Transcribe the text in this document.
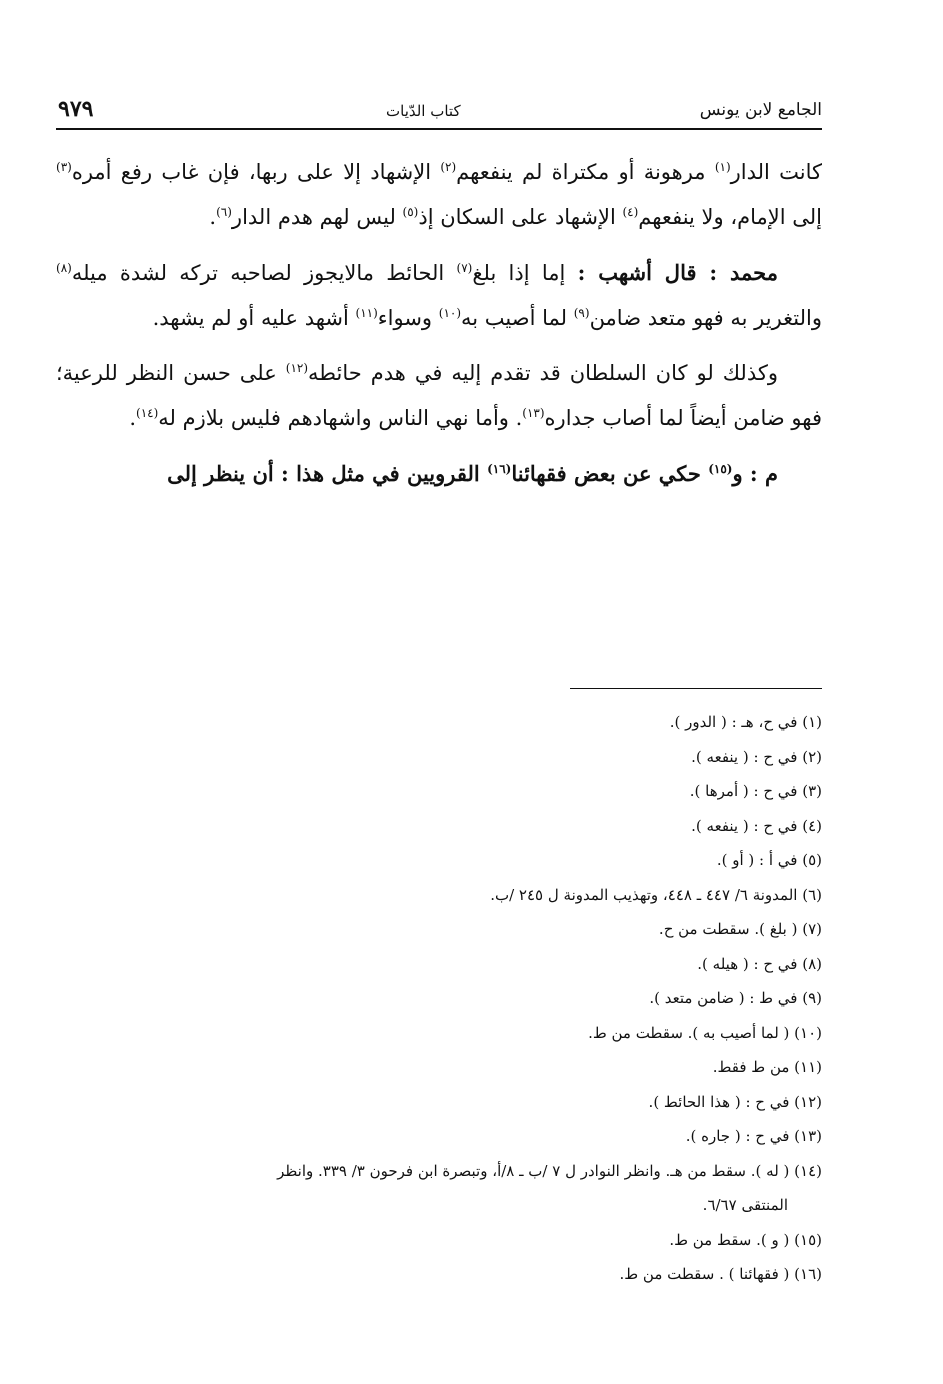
الجامع لابن يونس
كتاب الدّيات
٩٧٩

كانت الدار$^{(١)}$ مرهونة أو مكتراة لم ينفعهم$^{(٢)}$ الإشهاد إلا على ربها، فإن غاب رفع أمره$^{(٣)}$ إلى الإمام، ولا ينفعهم$^{(٤)}$ الإشهاد على السكان إذ$^{(٥)}$ ليس لهم هدم الدار$^{(٦)}$.

محمد : قال أشهب : إما إذا بلغ$^{(٧)}$ الحائط مالايجوز لصاحبه تركه لشدة ميله$^{(٨)}$ والتغرير به فهو متعد ضامن$^{(٩)}$ لما أصيب به$^{(١٠)}$ وسواء$^{(١١)}$ أشهد عليه أو لم يشهد.

وكذلك لو كان السلطان قد تقدم إليه في هدم حائطه$^{(١٢)}$ على حسن النظر للرعية؛ فهو ضامن أيضاً لما أصاب جداره$^{(١٣)}$. وأما نهي الناس واشهادهم فليس بلازم له$^{(١٤)}$.

م : و$^{(١٥)}$ حكي عن بعض فقهائنا$^{(١٦)}$ القرويين في مثل هذا : أن ينظر إلى

(١) في ح، هـ : ( الدور ).

(٢) في ح : ( ينفعه ).

(٣) في ح : ( أمرها ).

(٤) في ح : ( ينفعه ).

(٥) في أ : ( أو ).

(٦) المدونة ٦/ ٤٤٧ ـ ٤٤٨، وتهذيب المدونة ل ٢٤٥ /ب.

(٧) ( بلغ ). سقطت من ح.

(٨) في ح : ( هيله ).

(٩) في ط : ( ضامن متعد ).

(١٠) ( لما أصيب به ). سقطت من ط.

(١١) من ط فقط.

(١٢) في ح : ( هذا الحائط ).

(١٣) في ح : ( جاره ).

(١٤) ( له ). سقط من هـ. وانظر النوادر ل ٧ /ب ـ ٨/أ، وتبصرة ابن فرحون ٣/ ٣٣٩. وانظر

المنتقى ٦/٦٧.

(١٥) ( و ). سقط من ط.

(١٦) ( فقهائنا ) . سقطت من ط.
